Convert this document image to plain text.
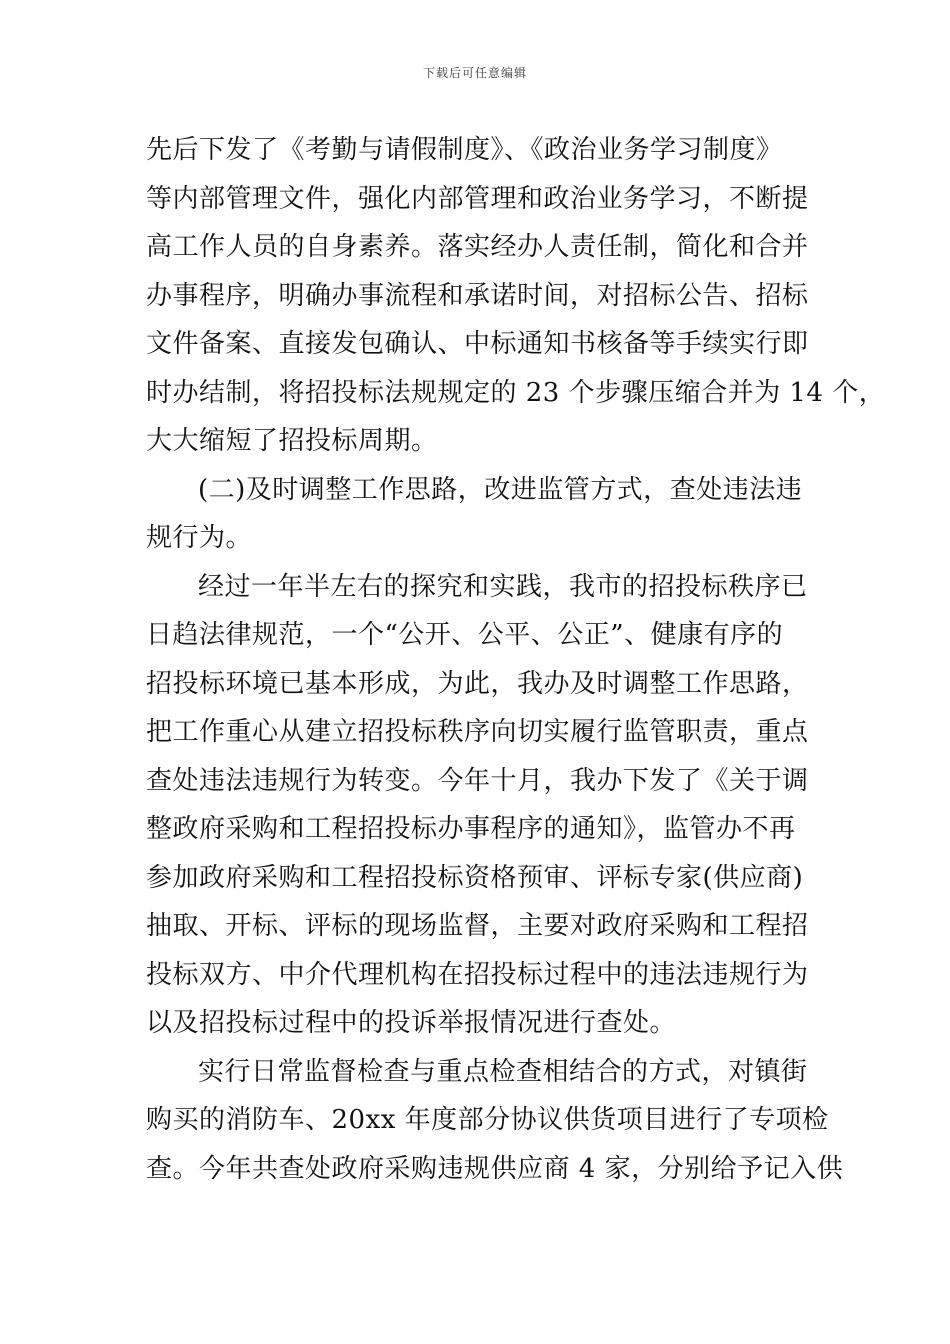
下载后可任意编辑
先后下发了《考勤与请假制度》、《政治业务学习制度》
等内部管理文件，强化内部管理和政治业务学习，不断提
高工作人员的自身素养。落实经办人责任制，简化和合并
办事程序，明确办事流程和承诺时间，对招标公告、招标
文件备案、直接发包确认、中标通知书核备等手续实行即
时办结制，将招投标法规规定的 23 个步骤压缩合并为 14 个，
大大缩短了招投标周期。
(二)及时调整工作思路，改进监管方式，查处违法违
规行为。
经过一年半左右的探究和实践，我市的招投标秩序已
日趋法律规范，一个“公开、公平、公正”、健康有序的
招投标环境已基本形成，为此，我办及时调整工作思路，
把工作重心从建立招投标秩序向切实履行监管职责，重点
查处违法违规行为转变。今年十月，我办下发了《关于调
整政府采购和工程招投标办事程序的通知》，监管办不再
参加政府采购和工程招投标资格预审、评标专家(供应商)
抽取、开标、评标的现场监督，主要对政府采购和工程招
投标双方、中介代理机构在招投标过程中的违法违规行为
以及招投标过程中的投诉举报情况进行查处。
实行日常监督检查与重点检查相结合的方式，对镇街
购买的消防车、20xx 年度部分协议供货项目进行了专项检
查。今年共查处政府采购违规供应商 4 家，分别给予记入供
